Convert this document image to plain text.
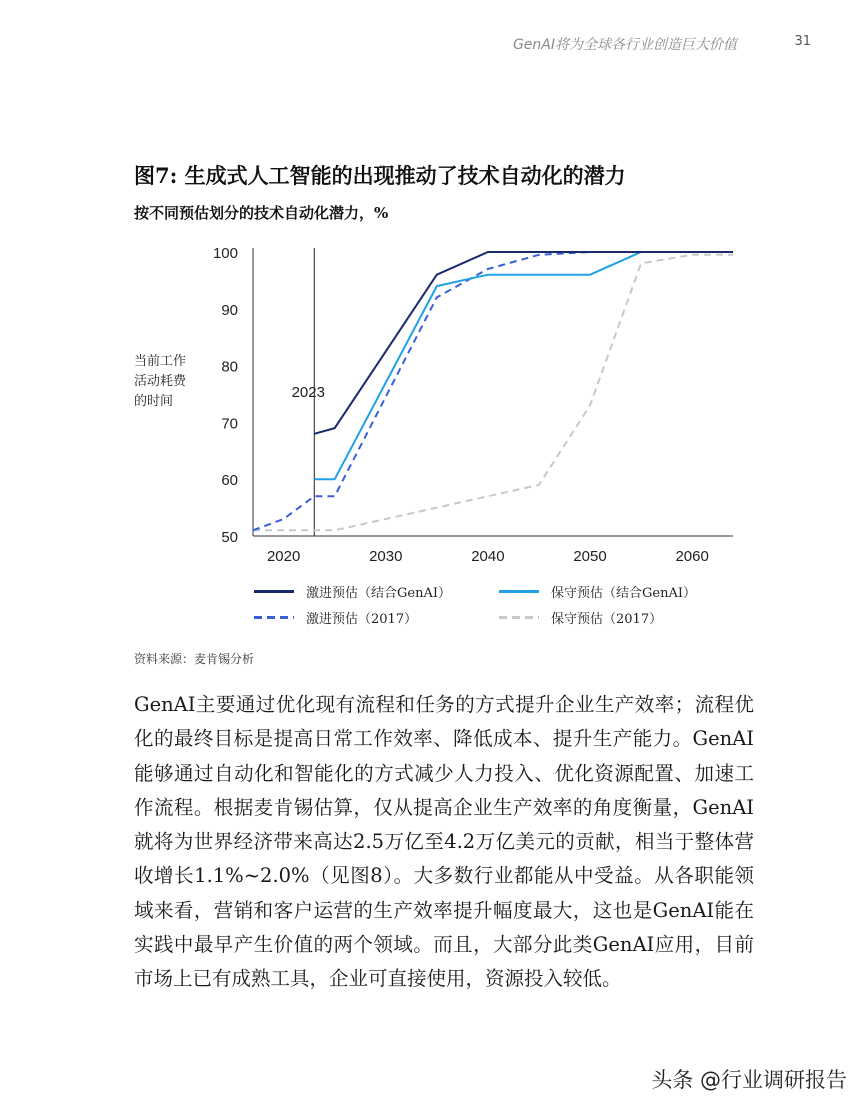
GenAI将为全球各行业创造巨大价值	31
图7: 生成式人工智能的出现推动了技术自动化的潜力
按不同预估划分的技术自动化潜力，%
当前工作
活动耗费
的时间
50
60
70
80
90
100
2020	2030	2040	2050	2060
2023
激进预估（结合GenAI）	保守预估（结合GenAI）
激进预估（2017）	保守预估（2017）
资料来源：麦肯锡分析

GenAI主要通过优化现有流程和任务的方式提升企业生产效率；流程优化的最终目标是提高日常工作效率、降低成本、提升生产能力。GenAI能够通过自动化和智能化的方式减少人力投入、优化资源配置、加速工作流程。根据麦肯锡估算，仅从提高企业生产效率的角度衡量，GenAI就将为世界经济带来高达2.5万亿至4.2万亿美元的贡献，相当于整体营收增长1.1%~2.0%（见图8）。大多数行业都能从中受益。从各职能领域来看，营销和客户运营的生产效率提升幅度最大，这也是GenAI能在实践中最早产生价值的两个领域。而且，大部分此类GenAI应用，目前市场上已有成熟工具，企业可直接使用，资源投入较低。

头条 @行业调研报告
